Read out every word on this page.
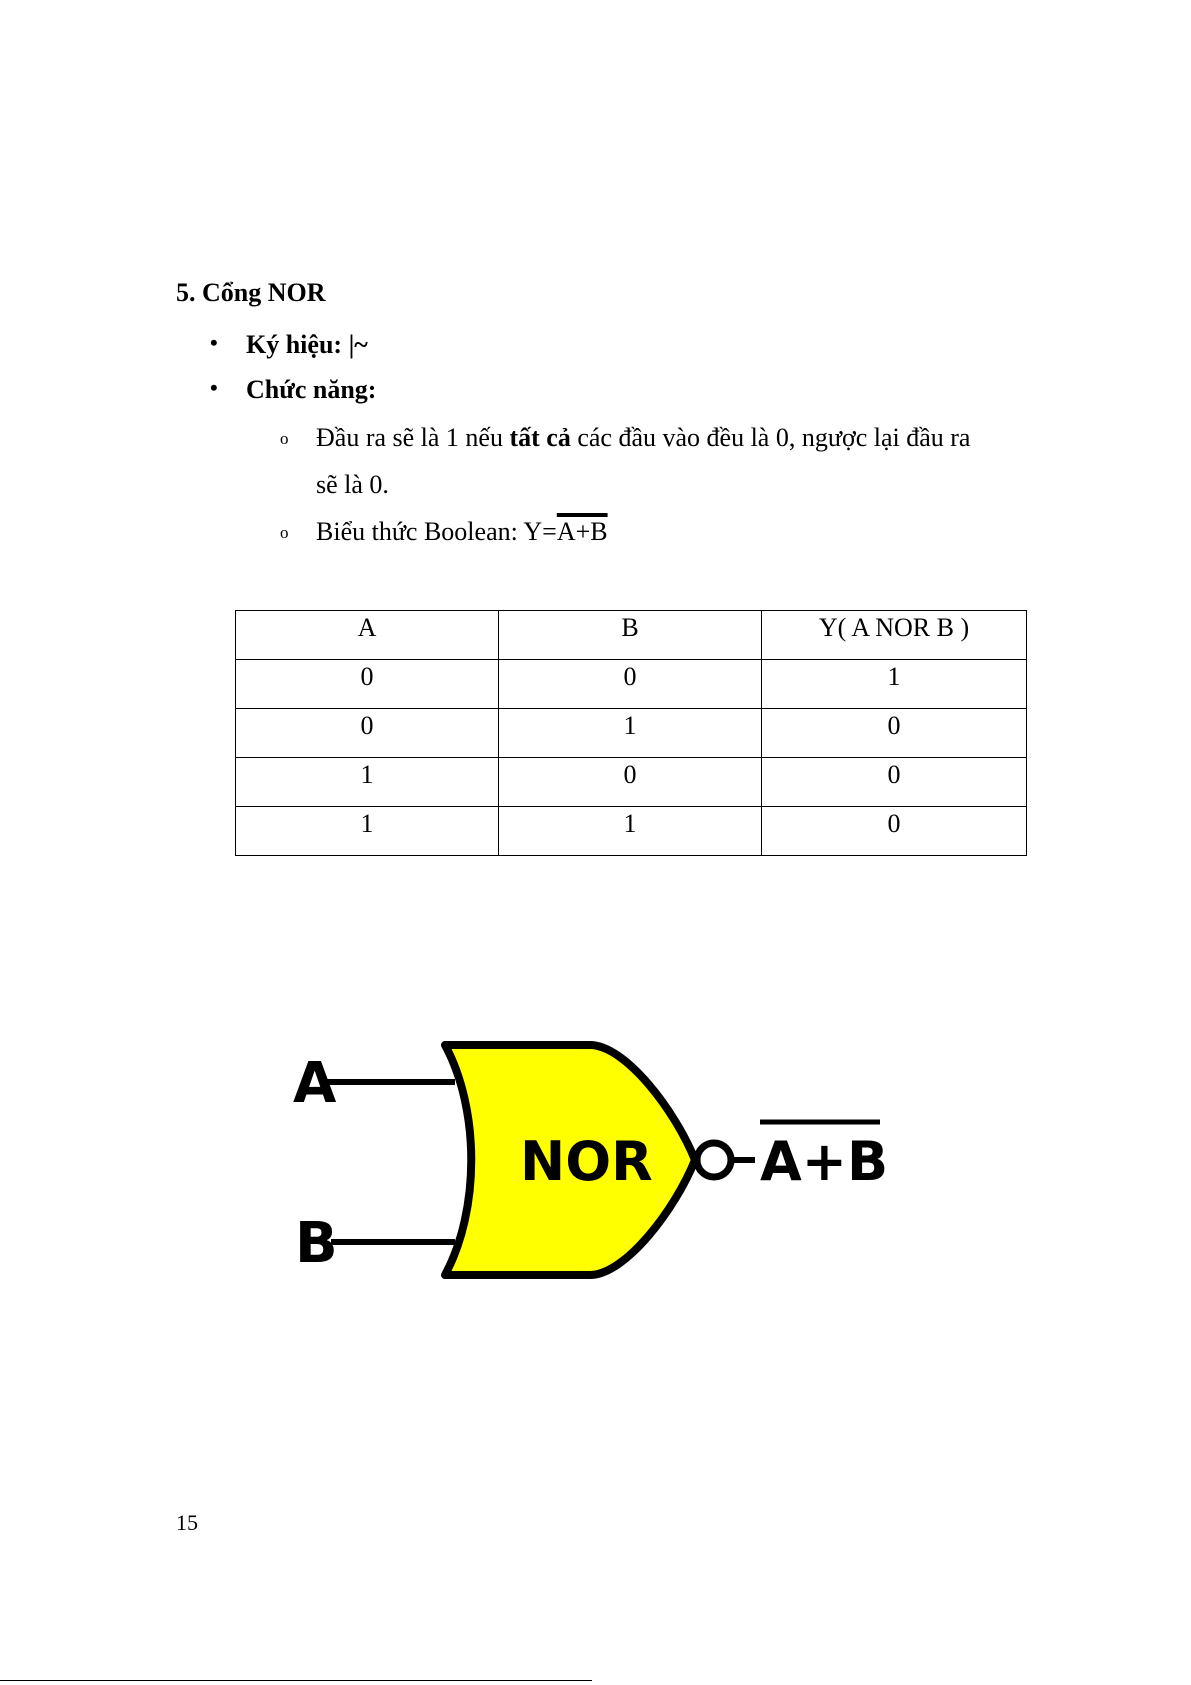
5. Cổng NOR
• Ký hiệu: |~
• Chức năng:
o Đầu ra sẽ là 1 nếu tất cả các đầu vào đều là 0, ngược lại đầu ra
sẽ là 0.
o Biểu thức Boolean: Y=A+B
A	B	Y( A NOR B )
0	0	1
0	1	0
1	0	0
1	1	0
A
B
NOR A+B
15
